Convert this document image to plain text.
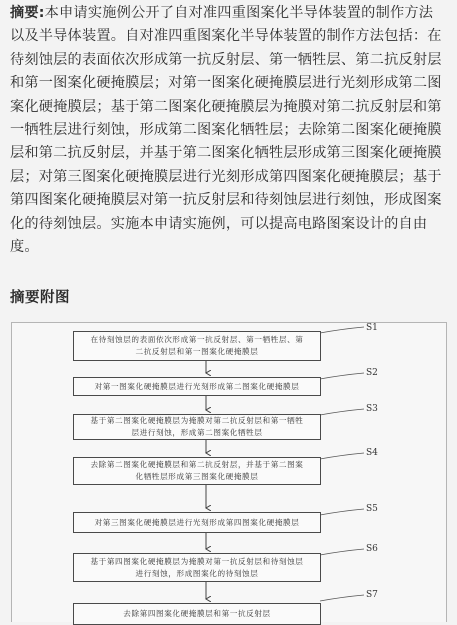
摘要:本申请实施例公开了自对准四重图案化半导体装置的制作方法以及半导体装置。自对准四重图案化半导体装置的制作方法包括：在待刻蚀层的表面依次形成第一抗反射层、第一牺牲层、第二抗反射层和第一图案化硬掩膜层；对第一图案化硬掩膜层进行光刻形成第二图案化硬掩膜层；基于第二图案化硬掩膜层为掩膜对第二抗反射层和第一牺牲层进行刻蚀，形成第二图案化牺牲层；去除第二图案化硬掩膜层和第二抗反射层，并基于第二图案化牺牲层形成第三图案化硬掩膜层；对第三图案化硬掩膜层进行光刻形成第四图案化硬掩膜层；基于第四图案化硬掩膜层对第一抗反射层和待刻蚀层进行刻蚀，形成图案化的待刻蚀层。实施本申请实施例，可以提高电路图案设计的自由度。

摘要附图
在待刻蚀层的表面依次形成第一抗反射层、第一牺牲层、第
二抗反射层和第一图案化硬掩膜层
S1
对第一图案化硬掩膜层进行光刻形成第二图案化硬掩膜层
S2
基于第二图案化硬掩膜层为掩膜对第二抗反射层和第一牺牲
层进行刻蚀，形成第二图案化牺牲层
S3
去除第二图案化硬掩膜层和第二抗反射层，并基于第二图案
化牺牲层形成第三图案化硬掩膜层
S4
对第三图案化硬掩膜层进行光刻形成第四图案化硬掩膜层
S5
基于第四图案化硬掩膜层为掩膜对第一抗反射层和待刻蚀层
进行刻蚀，形成图案化的待刻蚀层
S6
去除第四图案化硬掩膜层和第一抗反射层
S7
